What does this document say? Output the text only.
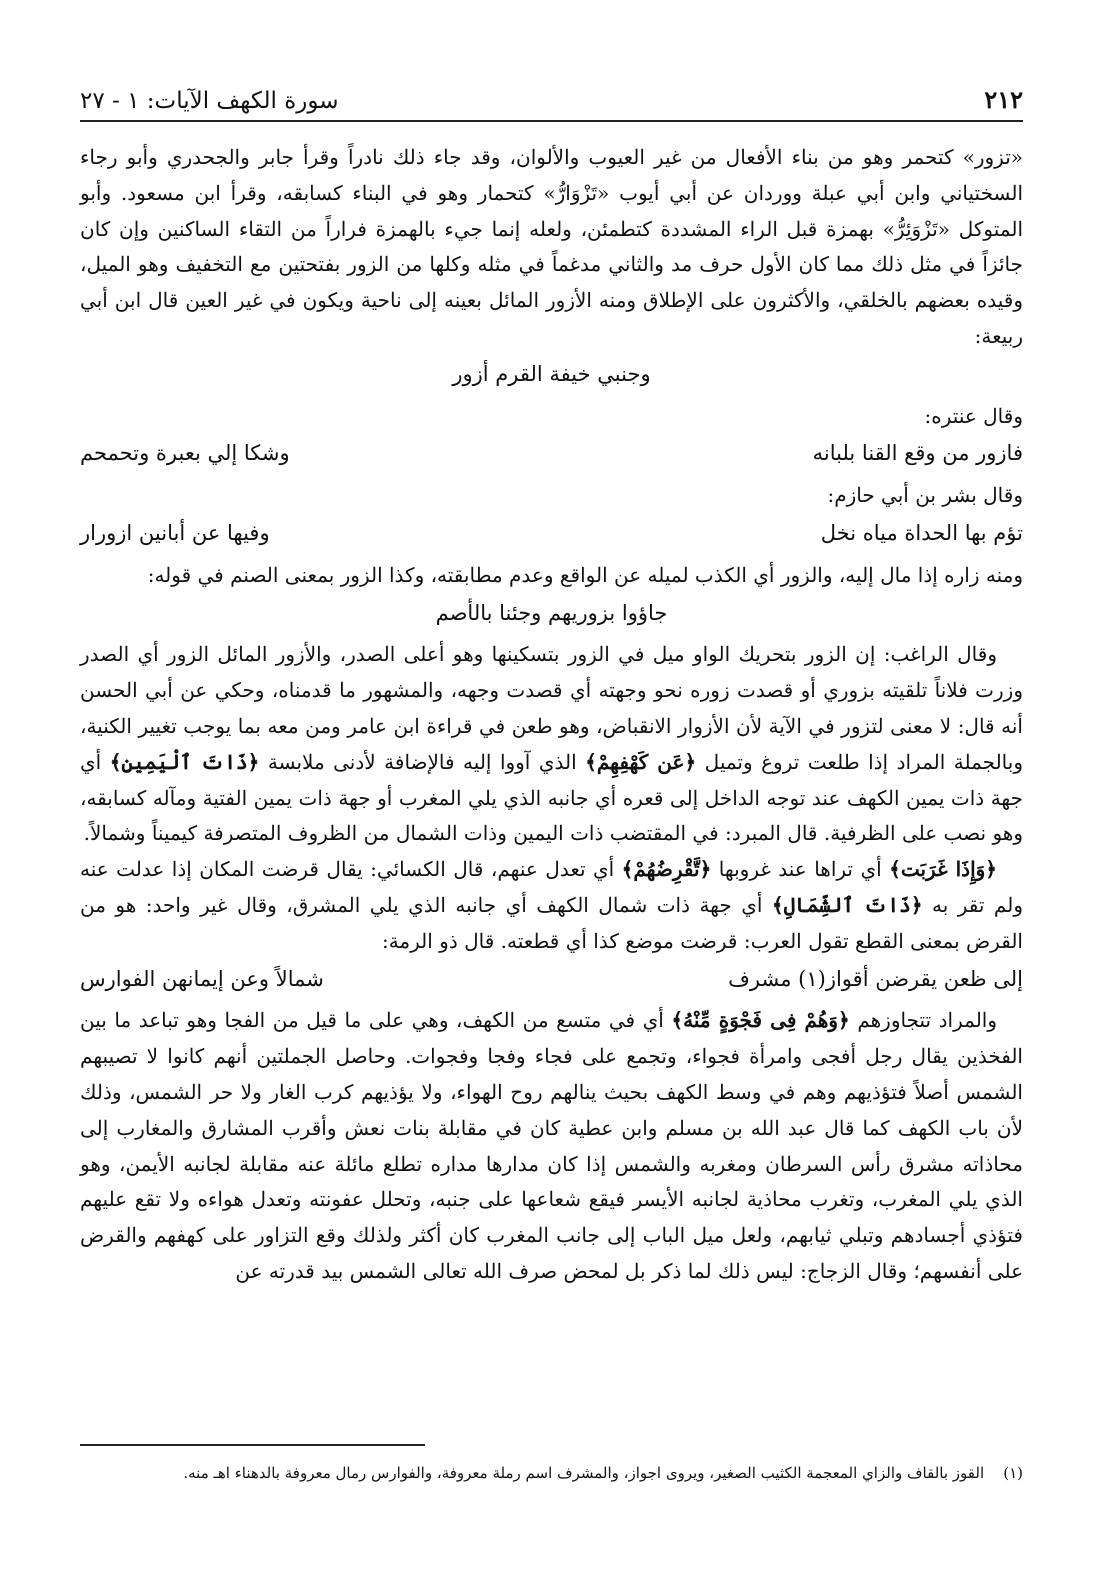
٢١٢
سورة الكهف الآيات: ١ - ٢٧

«تزور» كتحمر وهو من بناء الأفعال من غير العيوب والألوان، وقد جاء ذلك نادراً وقرأ جابر والجحدري وأبو رجاء السختياني وابن أبي عبلة ووردان عن أبي أيوب «تَزْوَارُّ» كتحمار وهو في البناء كسابقه، وقرأ ابن مسعود. وأبو المتوكل «تَزْوَئِرُّ» بهمزة قبل الراء المشددة كتطمئن، ولعله إنما جيء بالهمزة فراراً من التقاء الساكنين وإن كان جائزاً في مثل ذلك مما كان الأول حرف مد والثاني مدغماً في مثله وكلها من الزور بفتحتين مع التخفيف وهو الميل، وقيده بعضهم بالخلقي، والأكثرون على الإطلاق ومنه الأزور المائل بعينه إلى ناحية ويكون في غير العين قال ابن أبي ربيعة:

وجنبي خيفة القرم أزور

وقال عنتره:

فازور من وقع القنا بلبانه
وشكا إلي بعبرة وتحمحم

وقال بشر بن أبي حازم:

تؤم بها الحداة مياه نخل
وفيها عن أبانين ازورار

ومنه زاره إذا مال إليه، والزور أي الكذب لميله عن الواقع وعدم مطابقته، وكذا الزور بمعنى الصنم في قوله:

جاؤوا بزوريهم وجئنا بالأصم

وقال الراغب: إن الزور بتحريك الواو ميل في الزور بتسكينها وهو أعلى الصدر، والأزور المائل الزور أي الصدر وزرت فلاناً تلقيته بزوري أو قصدت زوره نحو وجهته أي قصدت وجهه، والمشهور ما قدمناه، وحكي عن أبي الحسن أنه قال: لا معنى لتزور في الآية لأن الأزوار الانقباض، وهو طعن في قراءة ابن عامر ومن معه بما يوجب تغيير الكنية، وبالجملة المراد إذا طلعت تروغ وتميل ﴿عَن كَهْفِهِمْ﴾ الذي آووا إليه فالإضافة لأدنى ملابسة ﴿ذَاتَ ٱلْيَمِينِ﴾ أي جهة ذات يمين الكهف عند توجه الداخل إلى قعره أي جانبه الذي يلي المغرب أو جهة ذات يمين الفتية ومآله كسابقه، وهو نصب على الظرفية. قال المبرد: في المقتضب ذات اليمين وذات الشمال من الظروف المتصرفة كيميناً وشمالاً.

﴿وَإِذَا غَرَبَت﴾ أي تراها عند غروبها ﴿تَّقْرِضُهُمْ﴾ أي تعدل عنهم، قال الكسائي: يقال قرضت المكان إذا عدلت عنه ولم تقر به ﴿ذَاتَ ٱلشِّمَالِ﴾ أي جهة ذات شمال الكهف أي جانبه الذي يلي المشرق، وقال غير واحد: هو من القرض بمعنى القطع تقول العرب: قرضت موضع كذا أي قطعته. قال ذو الرمة:

إلى ظعن يقرضن أقواز(١) مشرف
شمالاً وعن إيمانهن الفوارس

والمراد تتجاوزهم ﴿وَهُمْ فِى فَجْوَةٍ مِّنْهُ﴾ أي في متسع من الكهف، وهي على ما قيل من الفجا وهو تباعد ما بين الفخذين يقال رجل أفجى وامرأة فجواء، وتجمع على فجاء وفجا وفجوات. وحاصل الجملتين أنهم كانوا لا تصيبهم الشمس أصلاً فتؤذيهم وهم في وسط الكهف بحيث ينالهم روح الهواء، ولا يؤذيهم كرب الغار ولا حر الشمس، وذلك لأن باب الكهف كما قال عبد الله بن مسلم وابن عطية كان في مقابلة بنات نعش وأقرب المشارق والمغارب إلى محاذاته مشرق رأس السرطان ومغربه والشمس إذا كان مدارها مداره تطلع مائلة عنه مقابلة لجانبه الأيمن، وهو الذي يلي المغرب، وتغرب محاذية لجانبه الأيسر فيقع شعاعها على جنبه، وتحلل عفونته وتعدل هواءه ولا تقع عليهم فتؤذي أجسادهم وتبلي ثيابهم، ولعل ميل الباب إلى جانب المغرب كان أكثر ولذلك وقع التزاور على كهفهم والقرض على أنفسهم؛ وقال الزجاج: ليس ذلك لما ذكر بل لمحض صرف الله تعالى الشمس بيد قدرته عن

(١)    القوز بالقاف والزاي المعجمة الكثيب الصغير، ويروى اجواز، والمشرف اسم رملة معروفة، والفوارس رمال معروفة بالدهناء اهـ منه.
